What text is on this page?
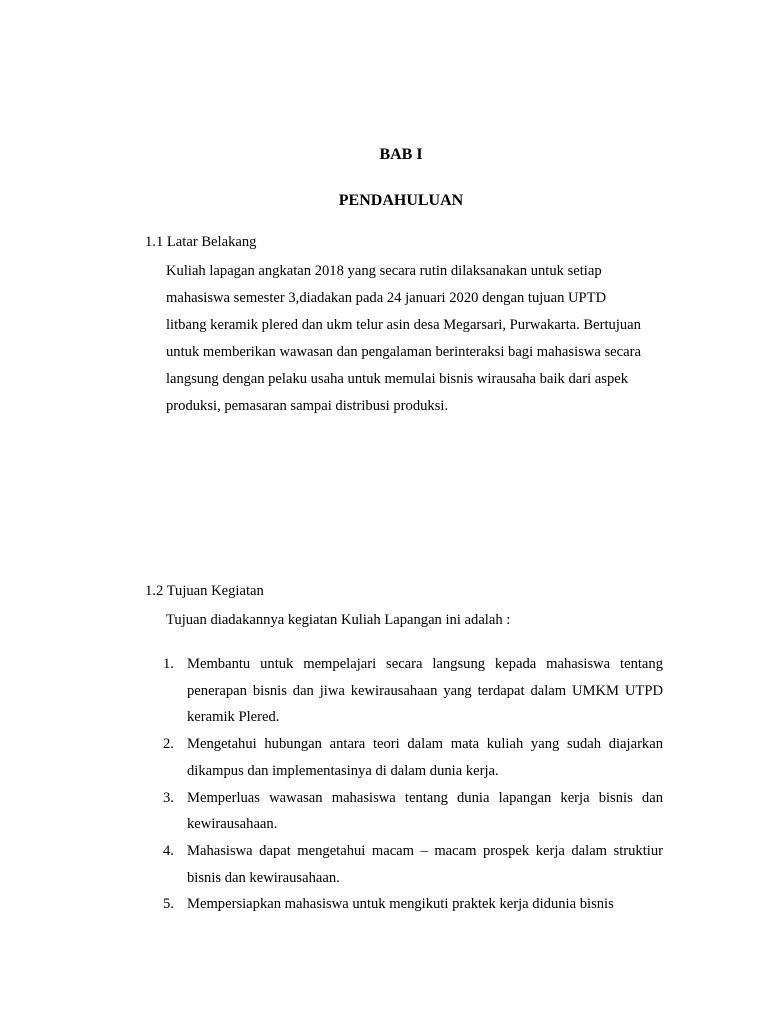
BAB I
PENDAHULUAN
1.1 Latar Belakang

Kuliah lapagan angkatan 2018 yang secara rutin dilaksanakan untuk setiap
mahasiswa semester 3,diadakan pada 24 januari 2020 dengan tujuan UPTD
litbang keramik plered dan ukm telur asin desa Megarsari, Purwakarta. Bertujuan
untuk memberikan wawasan dan pengalaman berinteraksi bagi mahasiswa secara
langsung dengan pelaku usaha untuk memulai bisnis wirausaha baik dari aspek
produksi, pemasaran sampai distribusi produksi.

1.2 Tujuan Kegiatan

Tujuan diadakannya kegiatan Kuliah Lapangan ini adalah :

1. Membantu untuk mempelajari secara langsung kepada mahasiswa tentang penerapan bisnis dan jiwa kewirausahaan yang terdapat dalam UMKM UTPD keramik Plered.
2. Mengetahui hubungan antara teori dalam mata kuliah yang sudah diajarkan dikampus dan implementasinya di dalam dunia kerja.
3. Memperluas wawasan mahasiswa tentang dunia lapangan kerja bisnis dan kewirausahaan.
4. Mahasiswa dapat mengetahui macam – macam prospek kerja dalam struktiur bisnis dan kewirausahaan.
5. Mempersiapkan mahasiswa untuk mengikuti praktek kerja didunia bisnis
